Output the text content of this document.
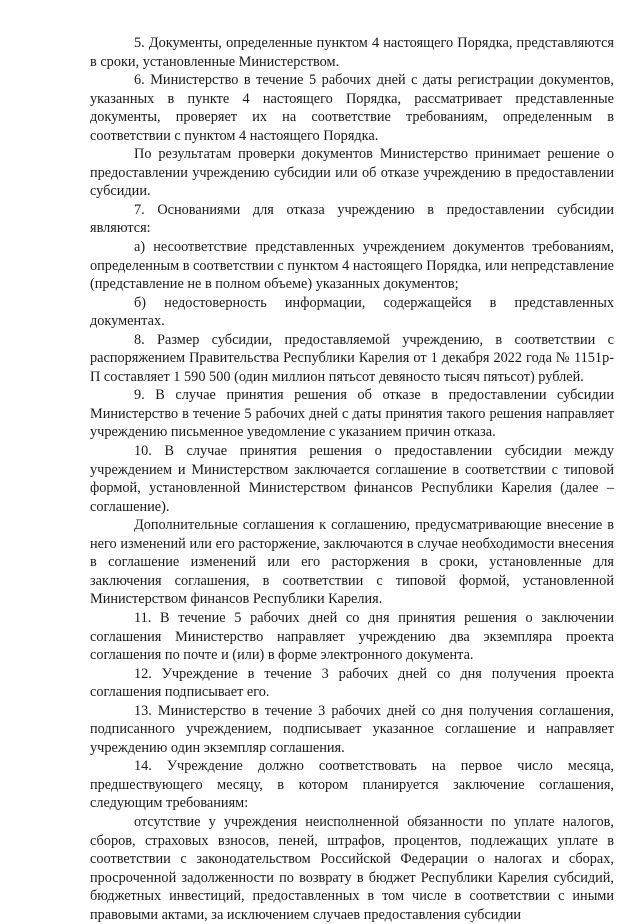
5. Документы, определенные пунктом 4 настоящего Порядка, представляются в сроки, установленные Министерством.

6. Министерство в течение 5 рабочих дней с даты регистрации документов, указанных в пункте 4 настоящего Порядка, рассматривает представленные документы, проверяет их на соответствие требованиям, определенным в соответствии с пунктом 4 настоящего Порядка.

По результатам проверки документов Министерство принимает решение о предоставлении учреждению субсидии или об отказе учреждению в предоставлении субсидии.

7. Основаниями для отказа учреждению в предоставлении субсидии являются:

а) несоответствие представленных учреждением документов требованиям, определенным в соответствии с пунктом 4 настоящего Порядка, или непредставление (представление не в полном объеме) указанных документов;

б) недостоверность информации, содержащейся в представленных документах.

8. Размер субсидии, предоставляемой учреждению, в соответствии с распоряжением Правительства Республики Карелия от 1 декабря 2022 года № 1151р-П составляет 1 590 500 (один миллион пятьсот девяносто тысяч пятьсот) рублей.

9. В случае принятия решения об отказе в предоставлении субсидии Министерство в течение 5 рабочих дней с даты принятия такого решения направляет учреждению письменное уведомление с указанием причин отказа.

10. В случае принятия решения о предоставлении субсидии между учреждением и Министерством заключается соглашение в соответствии с типовой формой, установленной Министерством финансов Республики Карелия (далее – соглашение).

Дополнительные соглашения к соглашению, предусматривающие внесение в него изменений или его расторжение, заключаются в случае необходимости внесения в соглашение изменений или его расторжения в сроки, установленные для заключения соглашения, в соответствии с типовой формой, установленной Министерством финансов Республики Карелия.

11. В течение 5 рабочих дней со дня принятия решения о заключении соглашения Министерство направляет учреждению два экземпляра проекта соглашения по почте и (или) в форме электронного документа.

12. Учреждение в течение 3 рабочих дней со дня получения проекта соглашения подписывает его.

13. Министерство в течение 3 рабочих дней со дня получения соглашения, подписанного учреждением, подписывает указанное соглашение и направляет учреждению один экземпляр соглашения.

14. Учреждение должно соответствовать на первое число месяца, предшествующего месяцу, в котором планируется заключение соглашения, следующим требованиям:

отсутствие у учреждения неисполненной обязанности по уплате налогов, сборов, страховых взносов, пеней, штрафов, процентов, подлежащих уплате в соответствии с законодательством Российской Федерации о налогах и сборах, просроченной задолженности по возврату в бюджет Республики Карелия субсидий, бюджетных инвестиций, предоставленных в том числе в соответствии с иными правовыми актами, за исключением случаев предоставления субсидии
